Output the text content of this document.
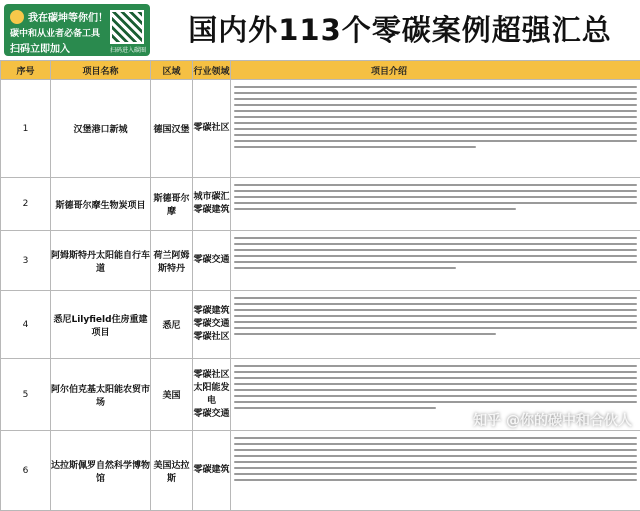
我在碳坤等你们！
碳中和从业者必备工具
扫码立即加入	扫码进入碳圈
国内外113个零碳案例超强汇总
序号	项目名称	区域	行业领域	项目介绍
1	汉堡港口新城	德国汉堡	零碳社区	

2	斯德哥尔摩生物炭项目	斯德哥尔摩	城市碳汇
零碳建筑	

3	阿姆斯特丹太阳能自行车道	荷兰阿姆斯特丹	零碳交通	

4	悉尼Lilyfield住房重建项目	悉尼	零碳建筑
零碳交通
零碳社区	

5	阿尔伯克基太阳能农贸市场	美国	零碳社区
太阳能发电
零碳交通	

6	达拉斯佩罗自然科学博物馆	美国达拉斯	零碳建筑	

知乎 @你的碳中和合伙人
